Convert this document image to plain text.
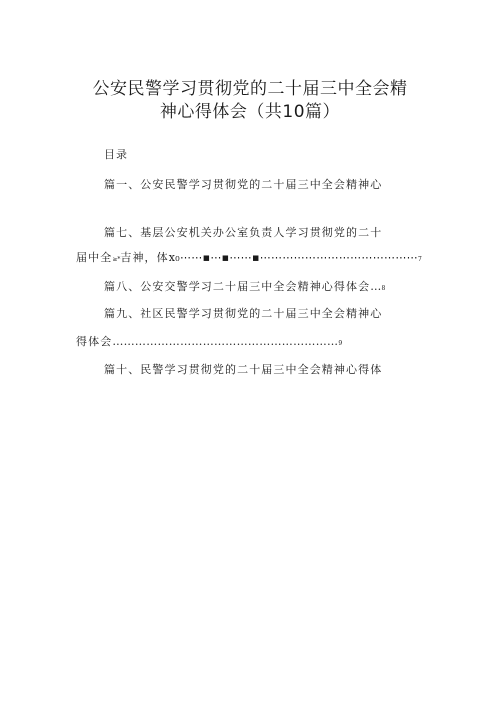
公安民警学习贯彻党的二十届三中全会精
神心得体会（共10篇）
目录
篇一、公安民警学习贯彻党的二十届三中全会精神心
篇七、基层公安机关办公室负责人学习贯彻党的二十
届中全≥*吉神，体x₀⋯⋯▪⋯▪⋯⋯▪⋯⋯⋯⋯⋯⋯⋯⋯⋯⋯⋯⋯⋯⋯7
篇八、公安交警学习二十届三中全会精神心得体会…8
篇九、社区民警学习贯彻党的二十届三中全会精神心
得体会……………………………………………………9
篇十、民警学习贯彻党的二十届三中全会精神心得体
